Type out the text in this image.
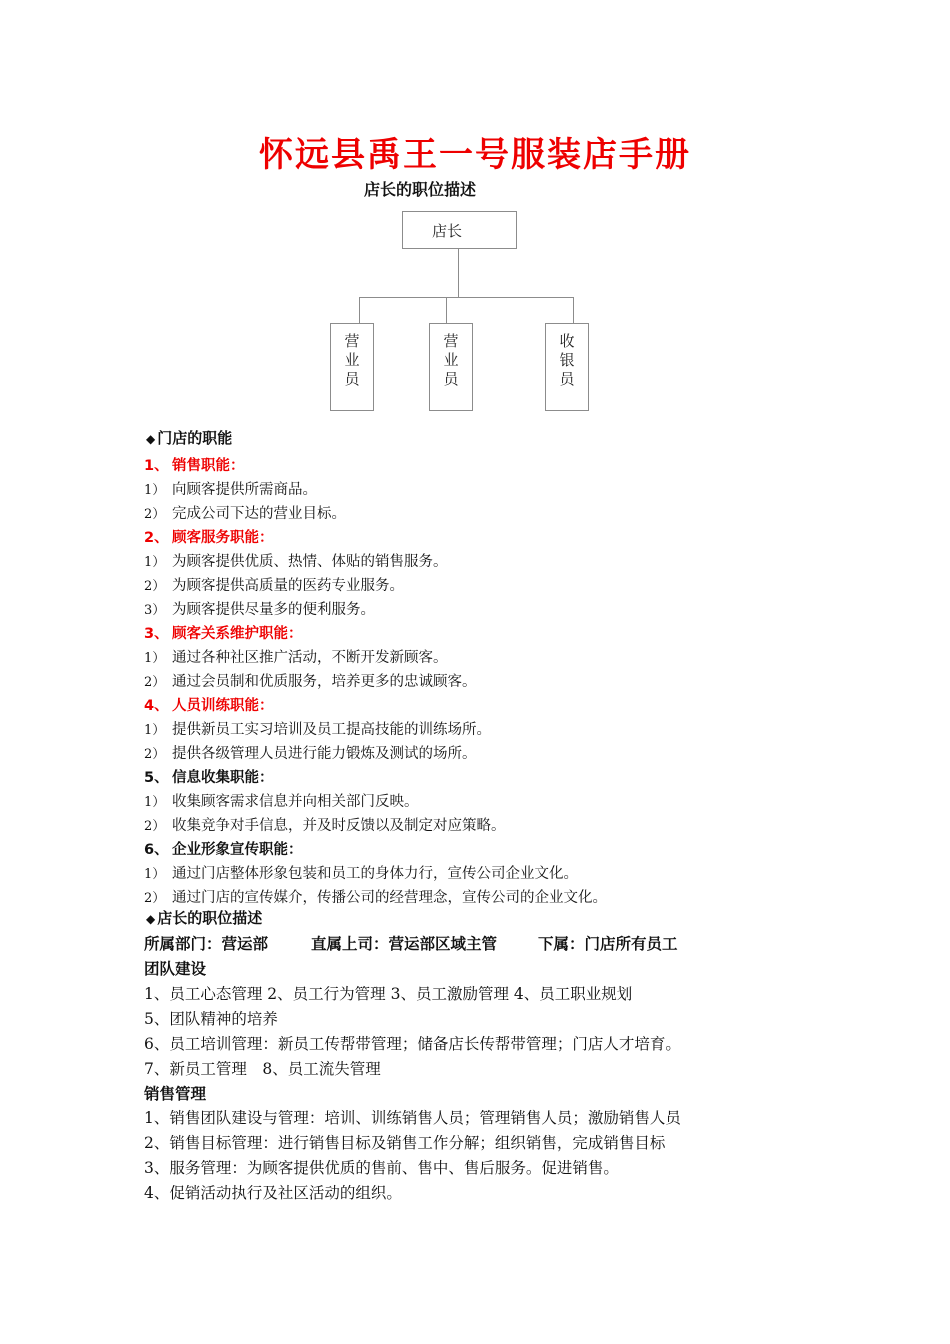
怀远县禹王一号服装店手册
店长的职位描述
店长
营
业
员
营
业
员
收
银
员
◆ 门店的职能
1、 销售职能：
1） 向顾客提供所需商品。
2） 完成公司下达的营业目标。
2、 顾客服务职能：
1） 为顾客提供优质、热情、体贴的销售服务。
2） 为顾客提供高质量的医药专业服务。
3） 为顾客提供尽量多的便利服务。
3、 顾客关系维护职能：
1） 通过各种社区推广活动，不断开发新顾客。
2） 通过会员制和优质服务，培养更多的忠诚顾客。
4、 人员训练职能：
1） 提供新员工实习培训及员工提高技能的训练场所。
2） 提供各级管理人员进行能力锻炼及测试的场所。
5、 信息收集职能：
1） 收集顾客需求信息并向相关部门反映。
2） 收集竞争对手信息，并及时反馈以及制定对应策略。
6、 企业形象宣传职能：
1） 通过门店整体形象包装和员工的身体力行，宣传公司企业文化。
2） 通过门店的宣传媒介，传播公司的经营理念，宣传公司的企业文化。
◆ 店长的职位描述
所属部门：营运部	直属上司：营运部区域主管	下属：门店所有员工
团队建设
1、员工心态管理 2、员工行为管理 3、员工激励管理 4、员工职业规划
5、团队精神的培养
6、员工培训管理：新员工传帮带管理；储备店长传帮带管理；门店人才培育。
7、新员工管理　8、员工流失管理
销售管理
1、销售团队建设与管理：培训、训练销售人员；管理销售人员；激励销售人员
2、销售目标管理：进行销售目标及销售工作分解；组织销售，完成销售目标
3、服务管理：为顾客提供优质的售前、售中、售后服务。促进销售。
4、促销活动执行及社区活动的组织。
